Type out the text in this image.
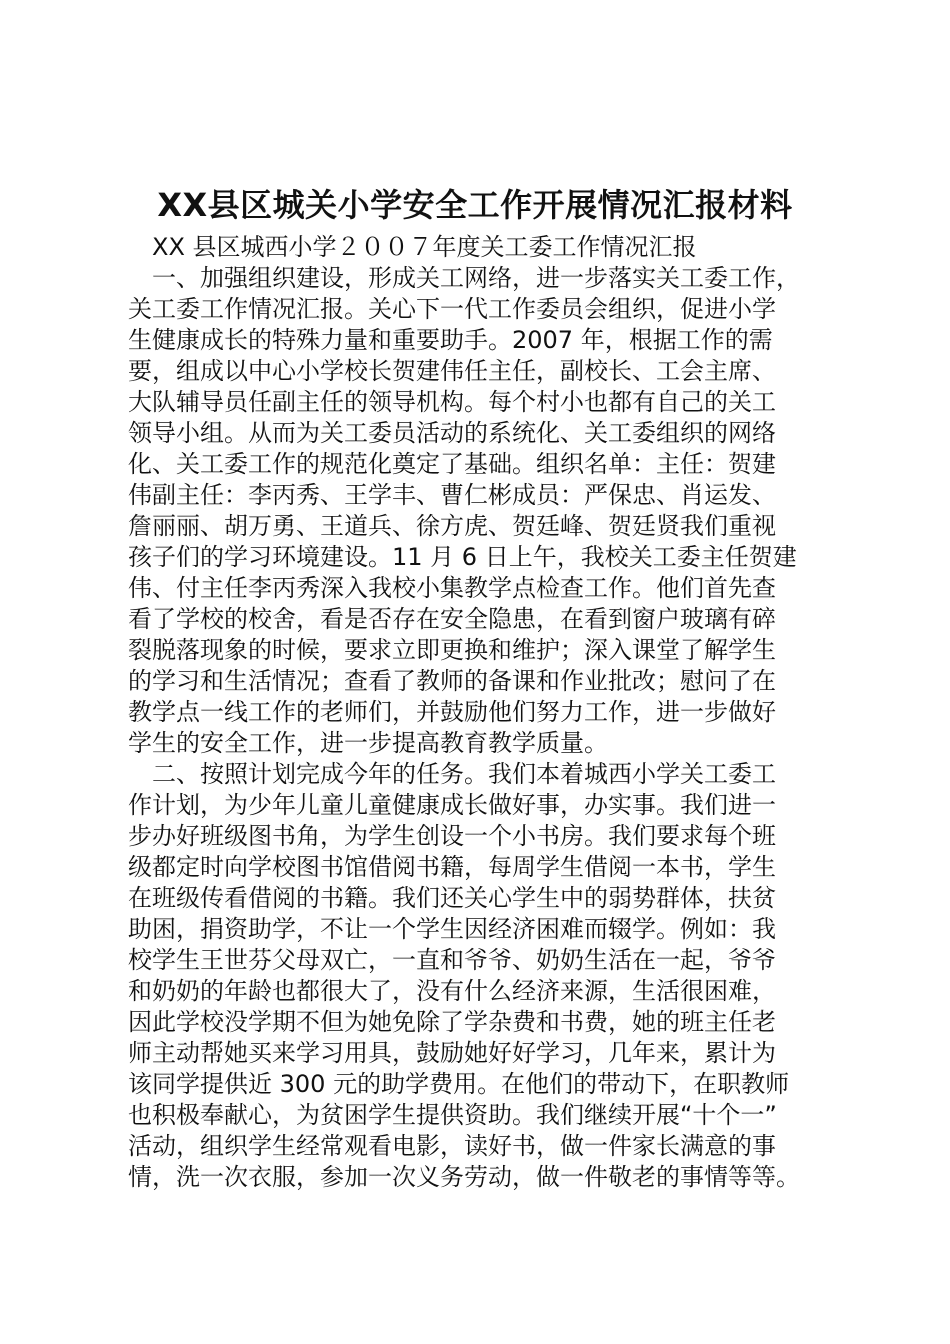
XX县区城关小学安全工作开展情况汇报材料
　XX 县区城西小学２００７年度关工委工作情况汇报
　一、加强组织建设，形成关工网络，进一步落实关工委工作，
关工委工作情况汇报。关心下一代工作委员会组织，促进小学
生健康成长的特殊力量和重要助手。2007 年，根据工作的需
要，组成以中心小学校长贺建伟任主任，副校长、工会主席、
大队辅导员任副主任的领导机构。每个村小也都有自己的关工
领导小组。从而为关工委员活动的系统化、关工委组织的网络
化、关工委工作的规范化奠定了基础。组织名单：主任：贺建
伟副主任：李丙秀、王学丰、曹仁彬成员：严保忠、肖运发、
詹丽丽、胡万勇、王道兵、徐方虎、贺廷峰、贺廷贤我们重视
孩子们的学习环境建设。11 月 6 日上午，我校关工委主任贺建
伟、付主任李丙秀深入我校小集教学点检查工作。他们首先查
看了学校的校舍，看是否存在安全隐患，在看到窗户玻璃有碎
裂脱落现象的时候，要求立即更换和维护；深入课堂了解学生
的学习和生活情况；查看了教师的备课和作业批改；慰问了在
教学点一线工作的老师们，并鼓励他们努力工作，进一步做好
学生的安全工作，进一步提高教育教学质量。
　二、按照计划完成今年的任务。我们本着城西小学关工委工
作计划，为少年儿童儿童健康成长做好事，办实事。我们进一
步办好班级图书角，为学生创设一个小书房。我们要求每个班
级都定时向学校图书馆借阅书籍，每周学生借阅一本书，学生
在班级传看借阅的书籍。我们还关心学生中的弱势群体，扶贫
助困，捐资助学，不让一个学生因经济困难而辍学。例如：我
校学生王世芬父母双亡，一直和爷爷、奶奶生活在一起，爷爷
和奶奶的年龄也都很大了，没有什么经济来源，生活很困难，
因此学校没学期不但为她免除了学杂费和书费，她的班主任老
师主动帮她买来学习用具，鼓励她好好学习，几年来，累计为
该同学提供近 300 元的助学费用。在他们的带动下，在职教师
也积极奉献心，为贫困学生提供资助。我们继续开展“十个一”
活动，组织学生经常观看电影，读好书，做一件家长满意的事
情，洗一次衣服，参加一次义务劳动，做一件敬老的事情等等。
